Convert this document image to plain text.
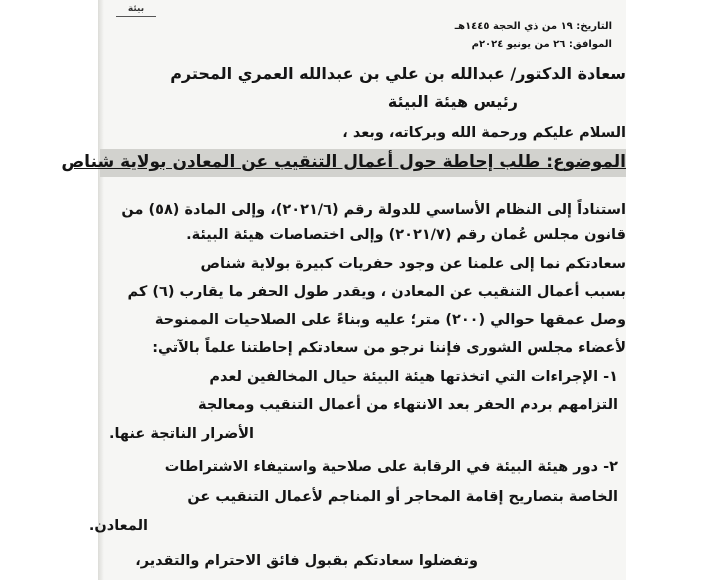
بيئة
التاريخ: ١٩ من ذي الحجة ١٤٤٥هـ
الموافق: ٢٦ من يونيو ٢٠٢٤م
سعادة الدكتور/ عبدالله بن علي بن عبدالله العمري المحترم
رئيس هيئة البيئة
السلام عليكم ورحمة الله وبركاته، وبعد ،
الموضوع: طلب إحاطة حول أعمال التنقيب عن المعادن بولاية شناص
استناداً إلى النظام الأساسي للدولة رقم (٢٠٢١/٦)، وإلى المادة (٥٨) من
قانون مجلس عُمان رقم (٢٠٢١/٧) وإلى اختصاصات هيئة البيئة.
سعادتكم نما إلى علمنا عن وجود حفريات كبيرة بولاية شناص
بسبب أعمال التنقيب عن المعادن ، ويقدر طول الحفر ما يقارب (٦) كم
وصل عمقها حوالي (٢٠٠) متر؛ عليه وبناءً على الصلاحيات الممنوحة
لأعضاء مجلس الشورى فإننا نرجو من سعادتكم إحاطتنا علماً بالآتي:
١- الإجراءات التي اتخذتها هيئة البيئة حيال المخالفين لعدم
التزامهم بردم الحفر بعد الانتهاء من أعمال التنقيب ومعالجة
الأضرار الناتجة عنها.
٢- دور هيئة البيئة في الرقابة على صلاحية واستيفاء الاشتراطات
الخاصة بتصاريح إقامة المحاجر أو المناجم لأعمال التنقيب عن
المعادن.
وتفضلوا سعادتكم بقبول فائق الاحترام والتقدير،
